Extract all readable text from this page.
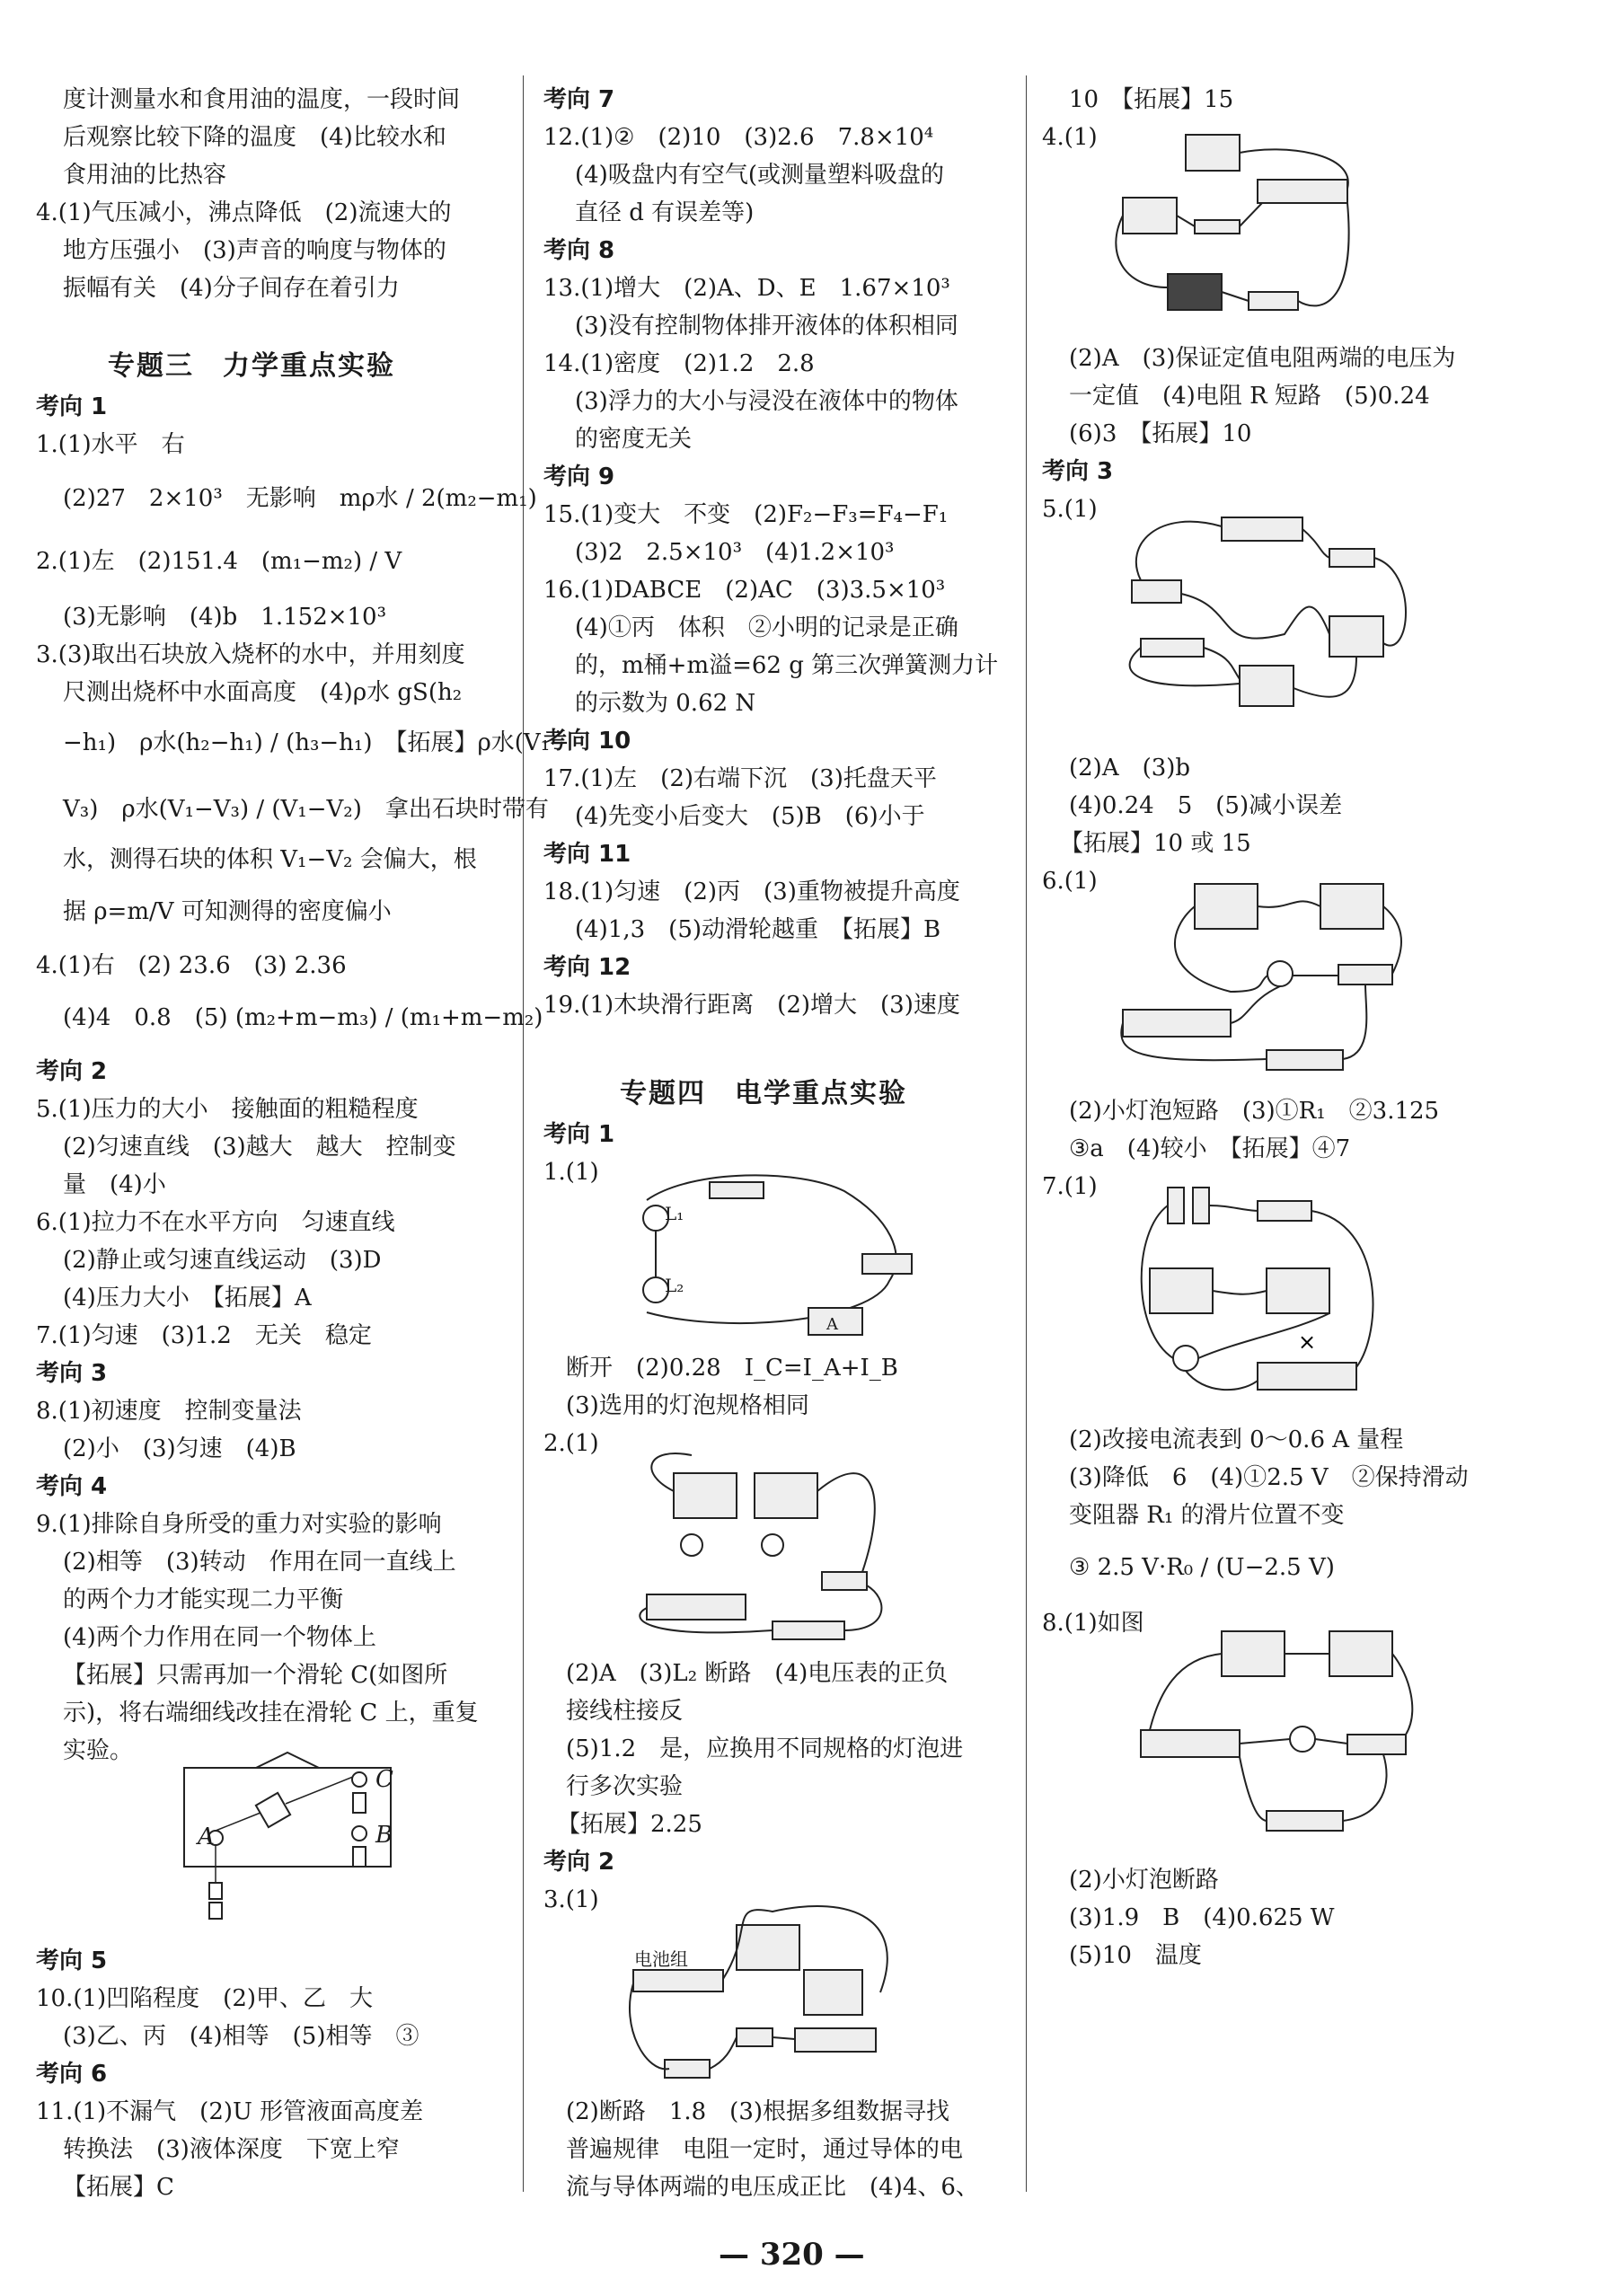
专题三　力学重点实验
专题四　电学重点实验
度计测量水和食用油的温度，一段时间
后观察比较下降的温度　(4)比较水和
食用油的比热容
4.(1)气压减小，沸点降低　(2)流速大的
地方压强小　(3)声音的响度与物体的
振幅有关　(4)分子间存在着引力
考向 1
1.(1)水平　右
(2)27　2×10³　无影响　mρ水 / 2(m₂−m₁)
2.(1)左　(2)151.4　(m₁−m₂) / V
(3)无影响　(4)b　1.152×10³
3.(3)取出石块放入烧杯的水中，并用刻度
尺测出烧杯中水面高度　(4)ρ水 gS(h₂
−h₁)　ρ水(h₂−h₁) / (h₃−h₁)　【拓展】ρ水(V₁−
V₃)　ρ水(V₁−V₃) / (V₁−V₂)　拿出石块时带有
水，测得石块的体积 V₁−V₂ 会偏大，根
据 ρ=m/V 可知测得的密度偏小
4.(1)右　(2) 23.6　(3) 2.36
(4)4　0.8　(5) (m₂+m−m₃) / (m₁+m−m₂)
考向 2
5.(1)压力的大小　接触面的粗糙程度
(2)匀速直线　(3)越大　越大　控制变
量　(4)小
6.(1)拉力不在水平方向　匀速直线
(2)静止或匀速直线运动　(3)D
(4)压力大小　【拓展】A
7.(1)匀速　(3)1.2　无关　稳定
考向 3
8.(1)初速度　控制变量法
(2)小　(3)匀速　(4)B
考向 4
9.(1)排除自身所受的重力对实验的影响
(2)相等　(3)转动　作用在同一直线上
的两个力才能实现二力平衡
(4)两个力作用在同一个物体上
【拓展】只需再加一个滑轮 C(如图所
示)，将右端细线改挂在滑轮 C 上，重复
实验。
考向 5
10.(1)凹陷程度　(2)甲、乙　大
(3)乙、丙　(4)相等　(5)相等　③
考向 6
11.(1)不漏气　(2)U 形管液面高度差
转换法　(3)液体深度　下宽上窄
【拓展】C
考向 7
12.(1)②　(2)10　(3)2.6　7.8×10⁴
(4)吸盘内有空气(或测量塑料吸盘的
直径 d 有误差等)
考向 8
13.(1)增大　(2)A、D、E　1.67×10³
(3)没有控制物体排开液体的体积相同
14.(1)密度　(2)1.2　2.8
(3)浮力的大小与浸没在液体中的物体
的密度无关
考向 9
15.(1)变大　不变　(2)F₂−F₃=F₄−F₁
(3)2　2.5×10³　(4)1.2×10³
16.(1)DABCE　(2)AC　(3)3.5×10³
(4)①丙　体积　②小明的记录是正确
的，m桶+m溢=62 g 第三次弹簧测力计
的示数为 0.62 N
考向 10
17.(1)左　(2)右端下沉　(3)托盘天平
(4)先变小后变大　(5)B　(6)小于
考向 11
18.(1)匀速　(2)丙　(3)重物被提升高度
(4)1,3　(5)动滑轮越重　【拓展】B
考向 12
19.(1)木块滑行距离　(2)增大　(3)速度
考向 1
1.(1)
断开　(2)0.28　I_C=I_A+I_B
(3)选用的灯泡规格相同
2.(1)
(2)A　(3)L₂ 断路　(4)电压表的正负
接线柱接反
(5)1.2　是，应换用不同规格的灯泡进
行多次实验
【拓展】2.25
考向 2
3.(1)
(2)断路　1.8　(3)根据多组数据寻找
普遍规律　电阻一定时，通过导体的电
流与导体两端的电压成正比　(4)4、6、
10　【拓展】15
4.(1)
(2)A　(3)保证定值电阻两端的电压为
一定值　(4)电阻 R 短路　(5)0.24
(6)3　【拓展】10
考向 3
5.(1)
(2)A　(3)b
(4)0.24　5　(5)减小误差
【拓展】10 或 15
6.(1)
(2)小灯泡短路　(3)①R₁　②3.125
③a　(4)较小　【拓展】④7
7.(1)
(2)改接电流表到 0～0.6 A 量程
(3)降低　6　(4)①2.5 V　②保持滑动
变阻器 R₁ 的滑片位置不变
③ 2.5 V·R₀ / (U−2.5 V)
8.(1)如图
(2)小灯泡断路
(3)1.9　B　(4)0.625 W
(5)10　温度
A
C
B
L₁
L₂
A
电池组
×
— 320 —
